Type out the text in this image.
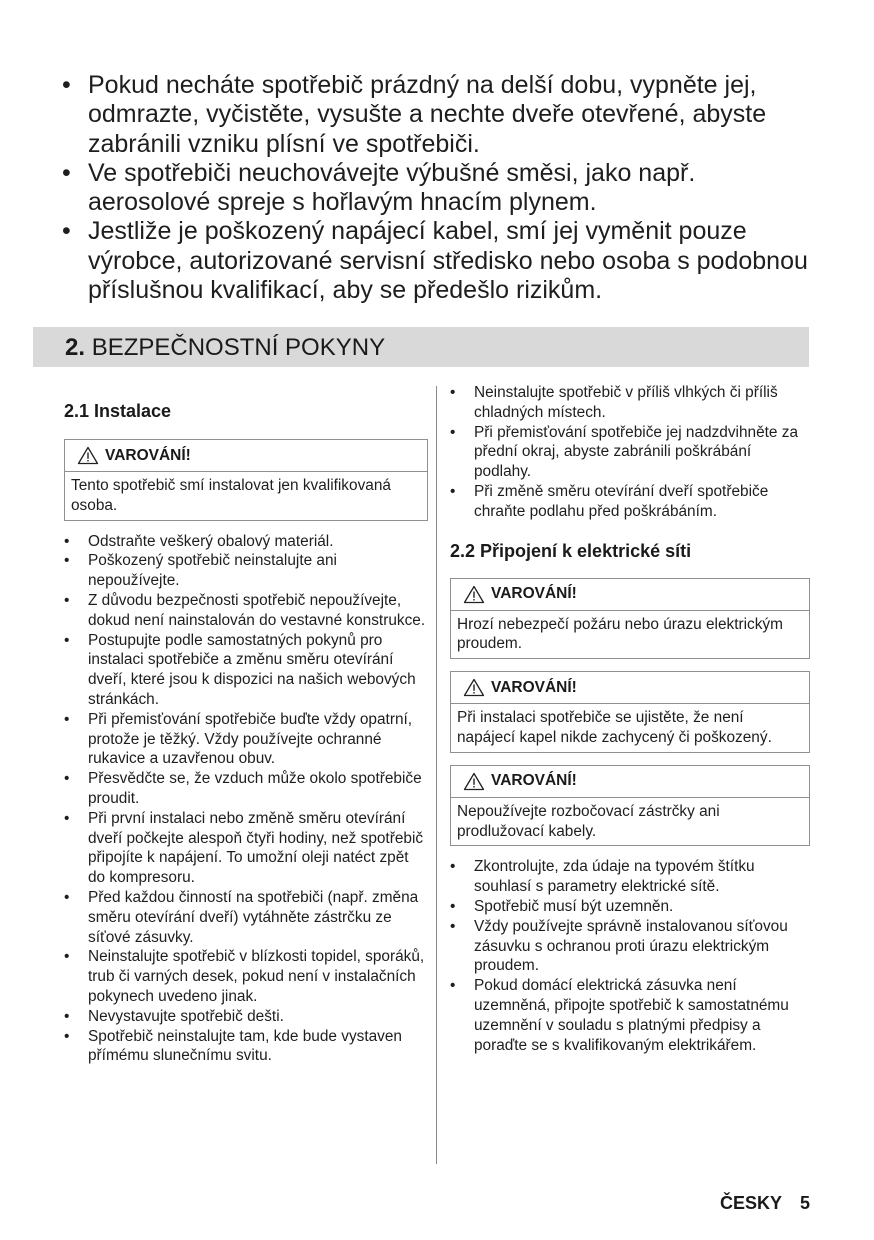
• Pokud necháte spotřebič prázdný na delší dobu, vypněte jej, odmrazte, vyčistěte, vysušte a nechte dveře otevřené, abyste zabránili vzniku plísní ve spotřebiči.
• Ve spotřebiči neuchovávejte výbušné směsi, jako např. aerosolové spreje s hořlavým hnacím plynem.
• Jestliže je poškozený napájecí kabel, smí jej vyměnit pouze výrobce, autorizované servisní středisko nebo osoba s podobnou příslušnou kvalifikací, aby se předešlo rizikům.
2. BEZPEČNOSTNÍ POKYNY
2.1 Instalace
VAROVÁNÍ!
Tento spotřebič smí instalovat jen kvalifikovaná osoba.
• Odstraňte veškerý obalový materiál.
• Poškozený spotřebič neinstalujte ani nepoužívejte.
• Z důvodu bezpečnosti spotřebič nepoužívejte, dokud není nainstalován do vestavné konstrukce.
• Postupujte podle samostatných pokynů pro instalaci spotřebiče a změnu směru otevírání dveří, které jsou k dispozici na našich webových stránkách.
• Při přemisťování spotřebiče buďte vždy opatrní, protože je těžký. Vždy používejte ochranné rukavice a uzavřenou obuv.
• Přesvědčte se, že vzduch může okolo spotřebiče proudit.
• Při první instalaci nebo změně směru otevírání dveří počkejte alespoň čtyři hodiny, než spotřebič připojíte k napájení. To umožní oleji natéct zpět do kompresoru.
• Před každou činností na spotřebiči (např. změna směru otevírání dveří) vytáhněte zástrčku ze síťové zásuvky.
• Neinstalujte spotřebič v blízkosti topidel, sporáků, trub či varných desek, pokud není v instalačních pokynech uvedeno jinak.
• Nevystavujte spotřebič dešti.
• Spotřebič neinstalujte tam, kde bude vystaven přímému slunečnímu svitu.
• Neinstalujte spotřebič v příliš vlhkých či příliš chladných místech.
• Při přemisťování spotřebiče jej nadzdvihněte za přední okraj, abyste zabránili poškrábání podlahy.
• Při změně směru otevírání dveří spotřebiče chraňte podlahu před poškrábáním.
2.2 Připojení k elektrické síti
VAROVÁNÍ!
Hrozí nebezpečí požáru nebo úrazu elektrickým proudem.
VAROVÁNÍ!
Při instalaci spotřebiče se ujistěte, že není napájecí kapel nikde zachycený či poškozený.
VAROVÁNÍ!
Nepoužívejte rozbočovací zástrčky ani prodlužovací kabely.
• Zkontrolujte, zda údaje na typovém štítku souhlasí s parametry elektrické sítě.
• Spotřebič musí být uzemněn.
• Vždy používejte správně instalovanou síťovou zásuvku s ochranou proti úrazu elektrickým proudem.
• Pokud domácí elektrická zásuvka není uzemněná, připojte spotřebič k samostatnému uzemnění v souladu s platnými předpisy a poraďte se s kvalifikovaným elektrikářem.
ČESKY 5
